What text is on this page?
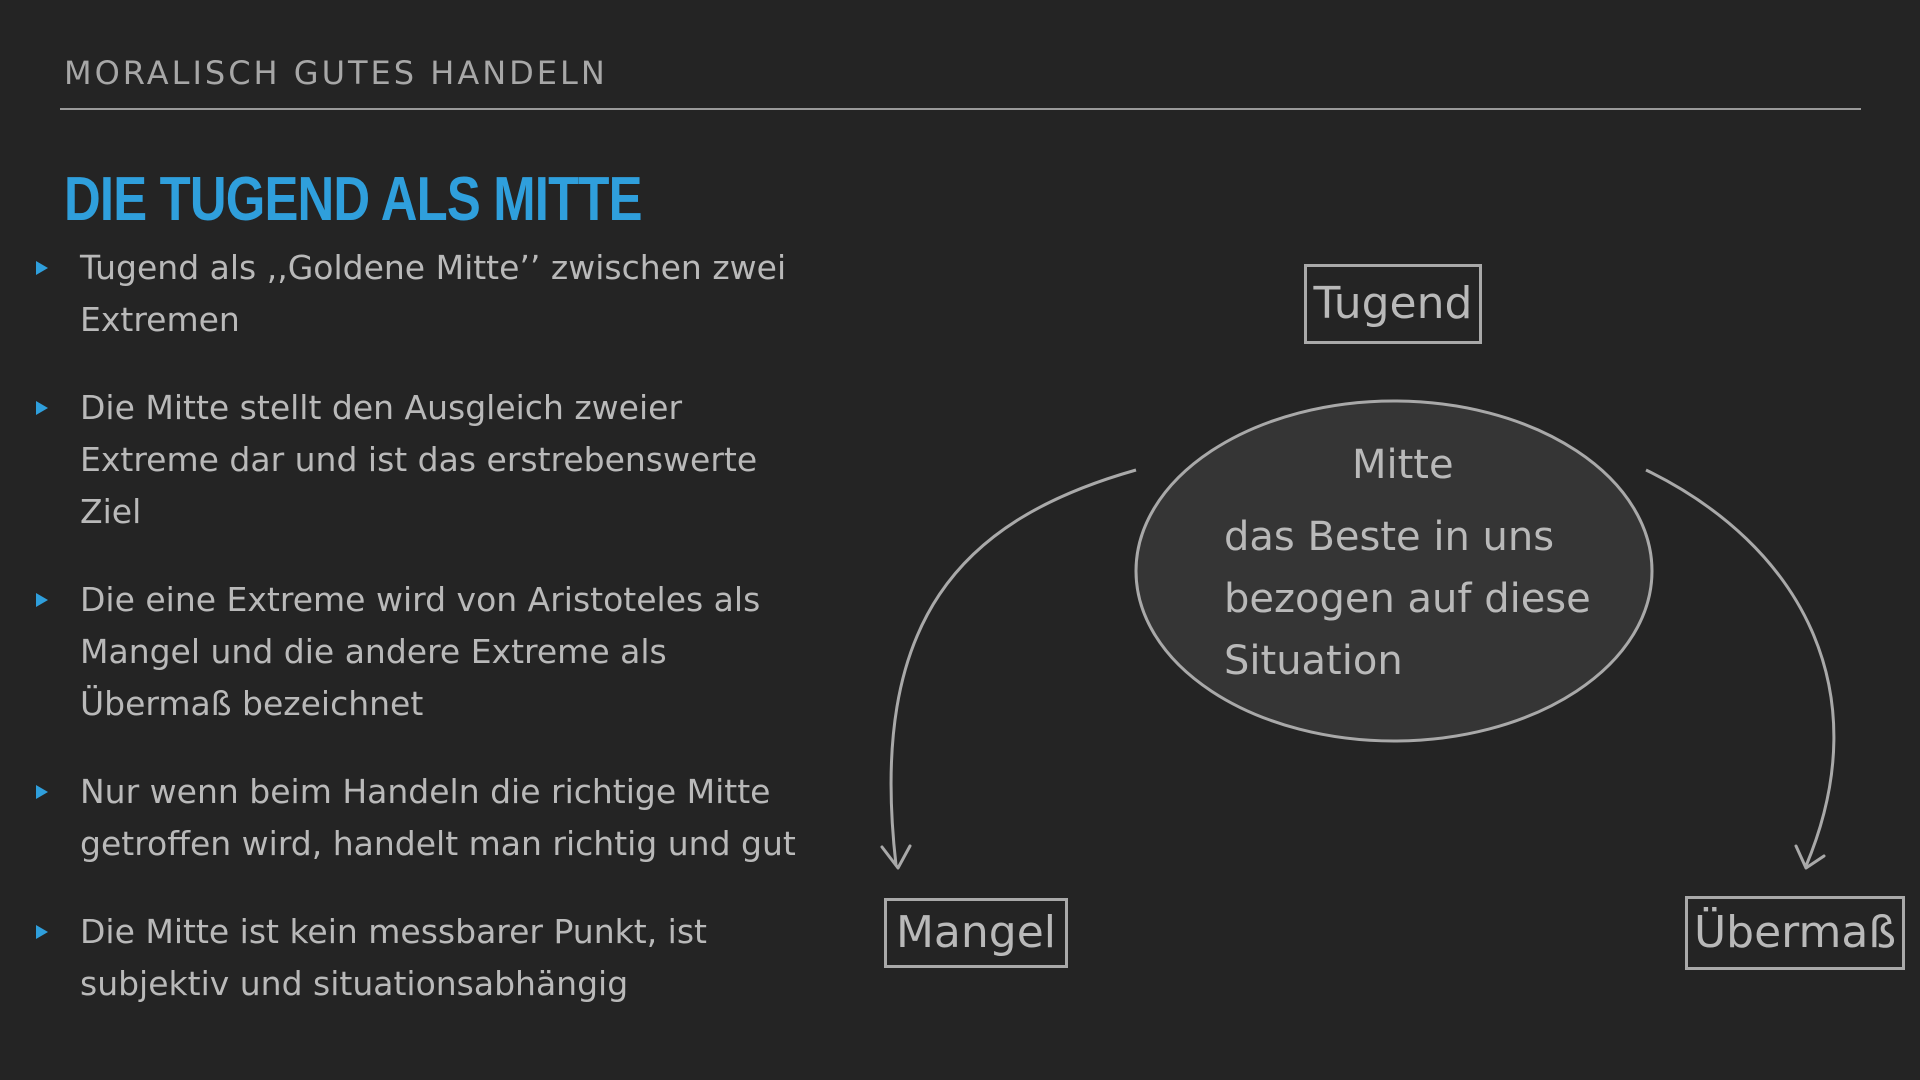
MORALISCH GUTES HANDELN
DIE TUGEND ALS MITTE
Tugend als ,,Goldene Mitte’’ zwischen zwei
Extremen
Die Mitte stellt den Ausgleich zweier
Extreme dar und ist das erstrebenswerte
Ziel
Die eine Extreme wird von Aristoteles als
Mangel und die andere Extreme als
Übermaß bezeichnet
Nur wenn beim Handeln die richtige Mitte
getroffen wird, handelt man richtig und gut
Die Mitte ist kein messbarer Punkt, ist
subjektiv und situationsabhängig
Tugend
Mitte
das Beste in uns
bezogen auf diese
Situation
Mangel	Übermaß
